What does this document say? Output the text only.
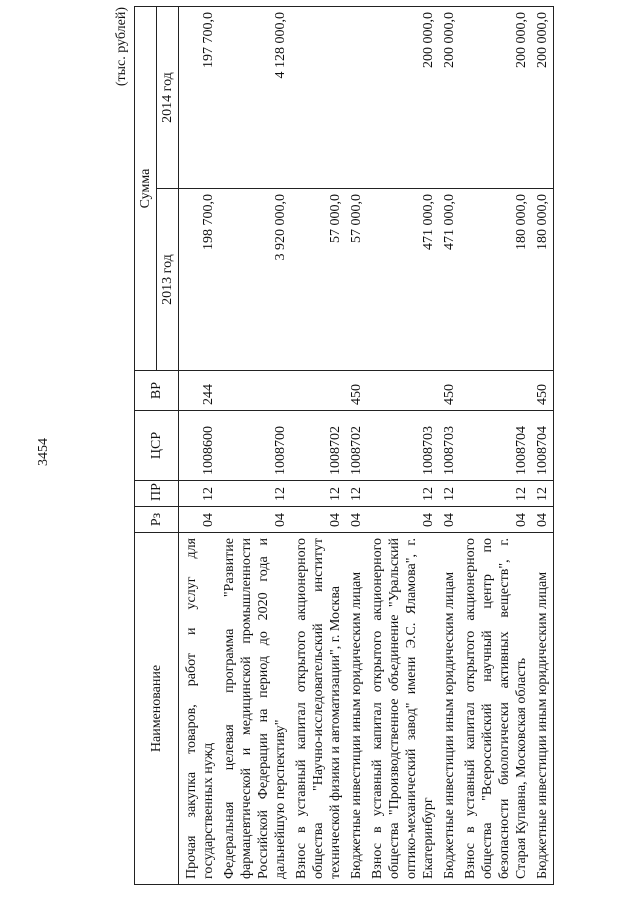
3454
(тыс. рублей)
Наименование	Рз	ПР	ЦСР	ВР	Сумма	
					2013 год	2014 год
Прочая закупка товаров, работ и услуг для государственных нужд	04	12	1008600	244	198 700,0	197 700,0
Федеральная целевая программа "Развитие фармацевтической и медицинской промышленности Российской Федерации на период до 2020 года и дальнейшую перспективу"	04	12	1008700		3 920 000,0	4 128 000,0
Взнос в уставный капитал открытого акционерного общества "Научно-исследовательский институт технической физики и автоматизации", г. Москва	04	12	1008702		57 000,0	
Бюджетные инвестиции иным юридическим лицам	04	12	1008702	450	57 000,0	
Взнос в уставный капитал открытого акционерного общества "Производственное объединение "Уральский оптико-механический завод" имени Э.С. Яламова", г. Екатеринбург	04	12	1008703		471 000,0	200 000,0
Бюджетные инвестиции иным юридическим лицам	04	12	1008703	450	471 000,0	200 000,0
Взнос в уставный капитал открытого акционерного общества "Всероссийский научный центр по безопасности биологически активных веществ", г. Старая Купавна, Московская область	04	12	1008704		180 000,0	200 000,0
Бюджетные инвестиции иным юридическим лицам	04	12	1008704	450	180 000,0	200 000,0
